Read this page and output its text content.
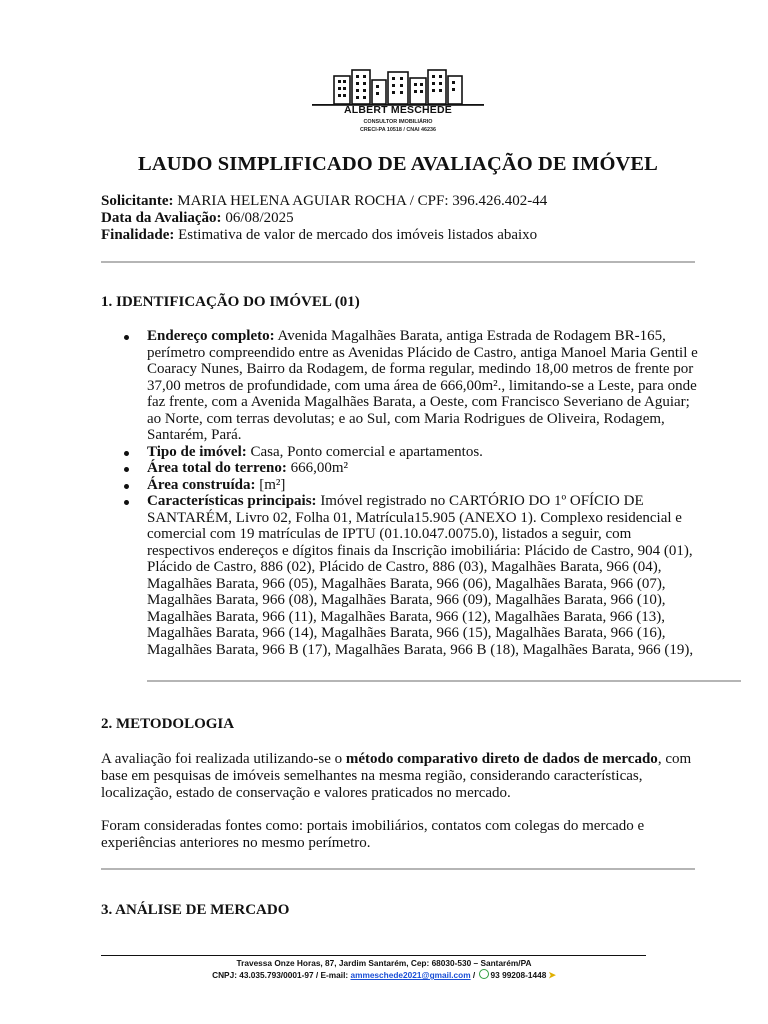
ALBERT MESCHEDE
CONSULTOR IMOBILIÁRIO
CRECI-PA 10518 / CNAI 46236
LAUDO SIMPLIFICADO DE AVALIAÇÃO DE IMÓVEL
Solicitante: MARIA HELENA AGUIAR ROCHA / CPF: 396.426.402-44
Data da Avaliação: 06/08/2025
Finalidade: Estimativa de valor de mercado dos imóveis listados abaixo
1. IDENTIFICAÇÃO DO IMÓVEL (01)
Endereço completo: Avenida Magalhães Barata, antiga Estrada de Rodagem BR-165, perímetro compreendido entre as Avenidas Plácido de Castro, antiga Manoel Maria Gentil e Coaracy Nunes, Bairro da Rodagem, de forma regular, medindo 18,00 metros de frente por 37,00 metros de profundidade, com uma área de 666,00m²., limitando-se a Leste, para onde faz frente, com a Avenida Magalhães Barata, a Oeste, com Francisco Severiano de Aguiar; ao Norte, com terras devolutas; e ao Sul, com Maria Rodrigues de Oliveira, Rodagem, Santarém, Pará.
Tipo de imóvel: Casa, Ponto comercial e apartamentos.
Área total do terreno: 666,00m²
Área construída: [m²]
Características principais: Imóvel registrado no CARTÓRIO DO 1º OFÍCIO DE SANTARÉM, Livro 02, Folha 01, Matrícula15.905 (ANEXO 1). Complexo residencial e comercial com 19 matrículas de IPTU (01.10.047.0075.0), listados a seguir, com respectivos endereços e dígitos finais da Inscrição imobiliária: Plácido de Castro, 904 (01), Plácido de Castro, 886 (02), Plácido de Castro, 886 (03), Magalhães Barata, 966 (04), Magalhães Barata, 966 (05), Magalhães Barata, 966 (06), Magalhães Barata, 966 (07), Magalhães Barata, 966 (08), Magalhães Barata, 966 (09), Magalhães Barata, 966 (10), Magalhães Barata, 966 (11), Magalhães Barata, 966 (12), Magalhães Barata, 966 (13), Magalhães Barata, 966 (14), Magalhães Barata, 966 (15), Magalhães Barata, 966 (16), Magalhães Barata, 966 B (17), Magalhães Barata, 966 B (18), Magalhães Barata, 966 (19),
2. METODOLOGIA
A avaliação foi realizada utilizando-se o método comparativo direto de dados de mercado, com base em pesquisas de imóveis semelhantes na mesma região, considerando características, localização, estado de conservação e valores praticados no mercado.
Foram consideradas fontes como: portais imobiliários, contatos com colegas do mercado e experiências anteriores no mesmo perímetro.
3. ANÁLISE DE MERCADO
Travessa Onze Horas, 87, Jardim Santarém, Cep: 68030-530 – Santarém/PA
CNPJ: 43.035.793/0001-97 / E-mail: ammeschede2021@gmail.com / 93 99208-1448 ➤
